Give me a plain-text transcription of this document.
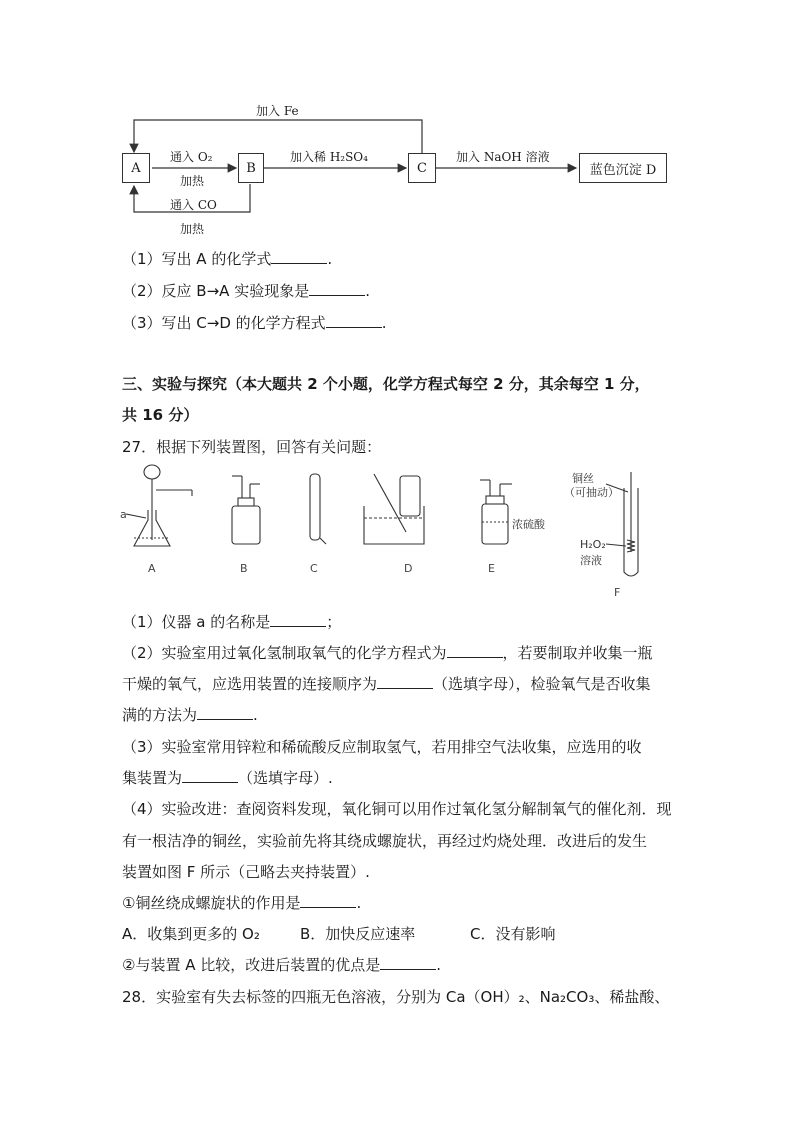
A	B	C	蓝色沉淀 D
加入 Fe
通入 O₂
加热
通入 CO
加热
加入稀 H₂SO₄	加入 NaOH 溶液
（1）写出 A 的化学式	.
（2）反应 B→A 实验现象是	.
（3）写出 C→D 的化学方程式	.
三、实验与探究（本大题共 2 个小题，化学方程式每空 2 分，其余每空 1 分，
共 16 分）
27．根据下列装置图，回答有关问题：
a
A	B	C	D	E
浓硫酸
铜丝
（可抽动）
H₂O₂
溶液
F
（1）仪器 a 的名称是	；
（2）实验室用过氧化氢制取氧气的化学方程式为	，若要制取并收集一瓶
干燥的氧气，应选用装置的连接顺序为	（选填字母），检验氧气是否收集
满的方法为	.
（3）实验室常用锌粒和稀硫酸反应制取氢气，若用排空气法收集，应选用的收
集装置为	（选填字母）.
（4）实验改进：查阅资料发现，氧化铜可以用作过氧化氢分解制氧气的催化剂．现
有一根洁净的铜丝，实验前先将其绕成螺旋状，再经过灼烧处理．改进后的发生
装置如图 F 所示（己略去夹持装置）.
①铜丝绕成螺旋状的作用是	.
A．收集到更多的 O₂	B．加快反应速率	C．没有影响
②与装置 A 比较，改进后装置的优点是	.
28．实验室有失去标签的四瓶无色溶液，分别为 Ca（OH）₂、Na₂CO₃、稀盐酸、
